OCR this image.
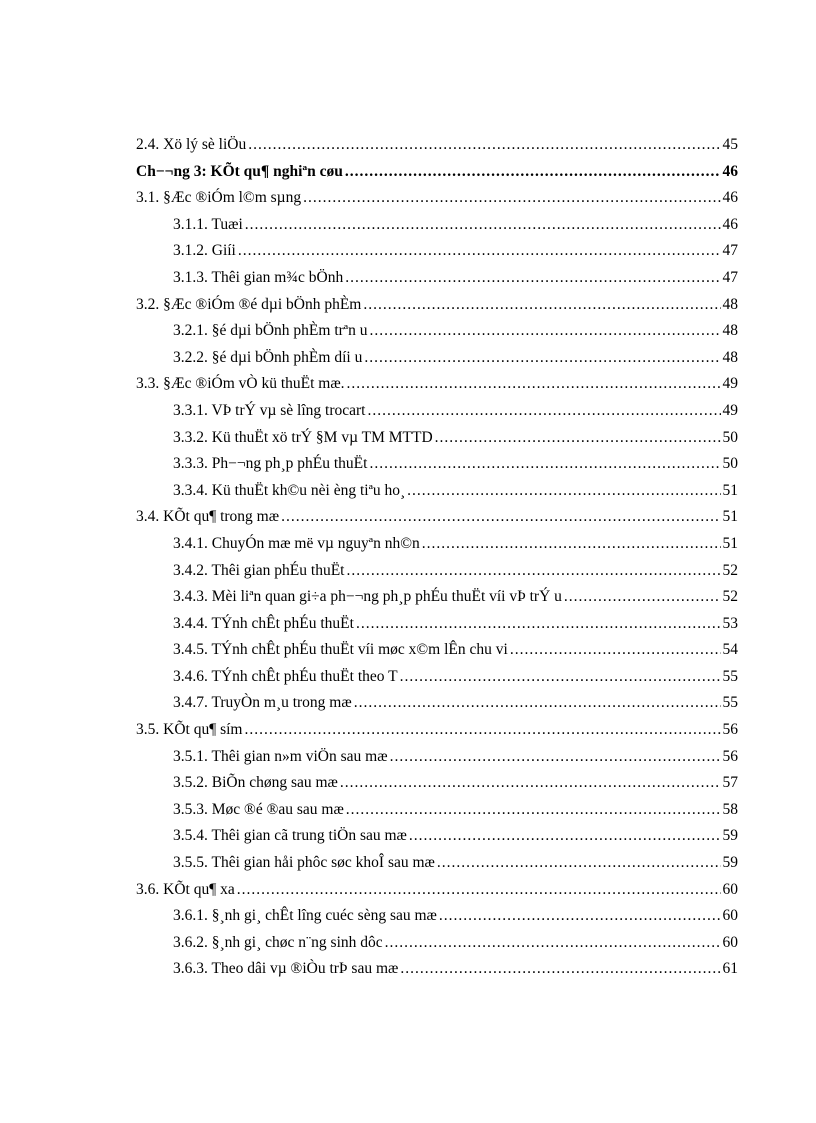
2.4. Xö lý sè liÖu .....	45
Ch−¬ng 3: KÕt qu¶ nghiªn cøu .....	46
3.1. §Æc ®iÓm l©m sµng .....	46
3.1.1. Tuæi .....	46
3.1.2. Giíi .....	47
3.1.3. Thêi gian m¾c bÖnh .....	47
3.2. §Æc ®iÓm ®é dµi bÖnh phÈm .....	48
3.2.1. §é dµi bÖnh phÈm trªn u .....	48
3.2.2. §é dµi bÖnh phÈm díi u .....	48
3.3. §Æc ®iÓm vÒ kü thuËt mæ. .....	49
3.3.1. VÞ trÝ vµ sè lîng trocart .....	49
3.3.2. Kü thuËt xö trÝ §M vµ TM MTTD .....	50
3.3.3. Ph−¬ng ph¸p phÉu thuËt .....	50
3.3.4. Kü thuËt kh©u nèi èng tiªu ho¸ .....	51
3.4. KÕt qu¶ trong mæ .....	51
3.4.1. ChuyÓn mæ më vµ nguyªn nh©n .....	51
3.4.2. Thêi gian phÉu thuËt .....	52
3.4.3. Mèi liªn quan gi÷a ph−¬ng ph¸p phÉu thuËt víi vÞ trÝ u .....	52
3.4.4. TÝnh chÊt phÉu thuËt .....	53
3.4.5. TÝnh chÊt phÉu thuËt víi møc x©m lÊn chu vi .....	54
3.4.6. TÝnh chÊt phÉu thuËt theo T .....	55
3.4.7. TruyÒn m¸u trong mæ .....	55
3.5. KÕt qu¶ sím .....	56
3.5.1. Thêi gian n»m viÖn sau mæ .....	56
3.5.2. BiÕn chøng sau mæ .....	57
3.5.3. Møc ®é ®au sau mæ .....	58
3.5.4. Thêi gian cã trung tiÖn sau mæ .....	59
3.5.5. Thêi gian håi phôc søc khoÎ sau mæ .....	59
3.6. KÕt qu¶ xa .....	60
3.6.1. §¸nh gi¸ chÊt lîng cuéc sèng sau mæ .....	60
3.6.2. §¸nh gi¸ chøc n¨ng sinh dôc .....	60
3.6.3. Theo dâi vµ ®iÒu trÞ sau mæ .....	61
